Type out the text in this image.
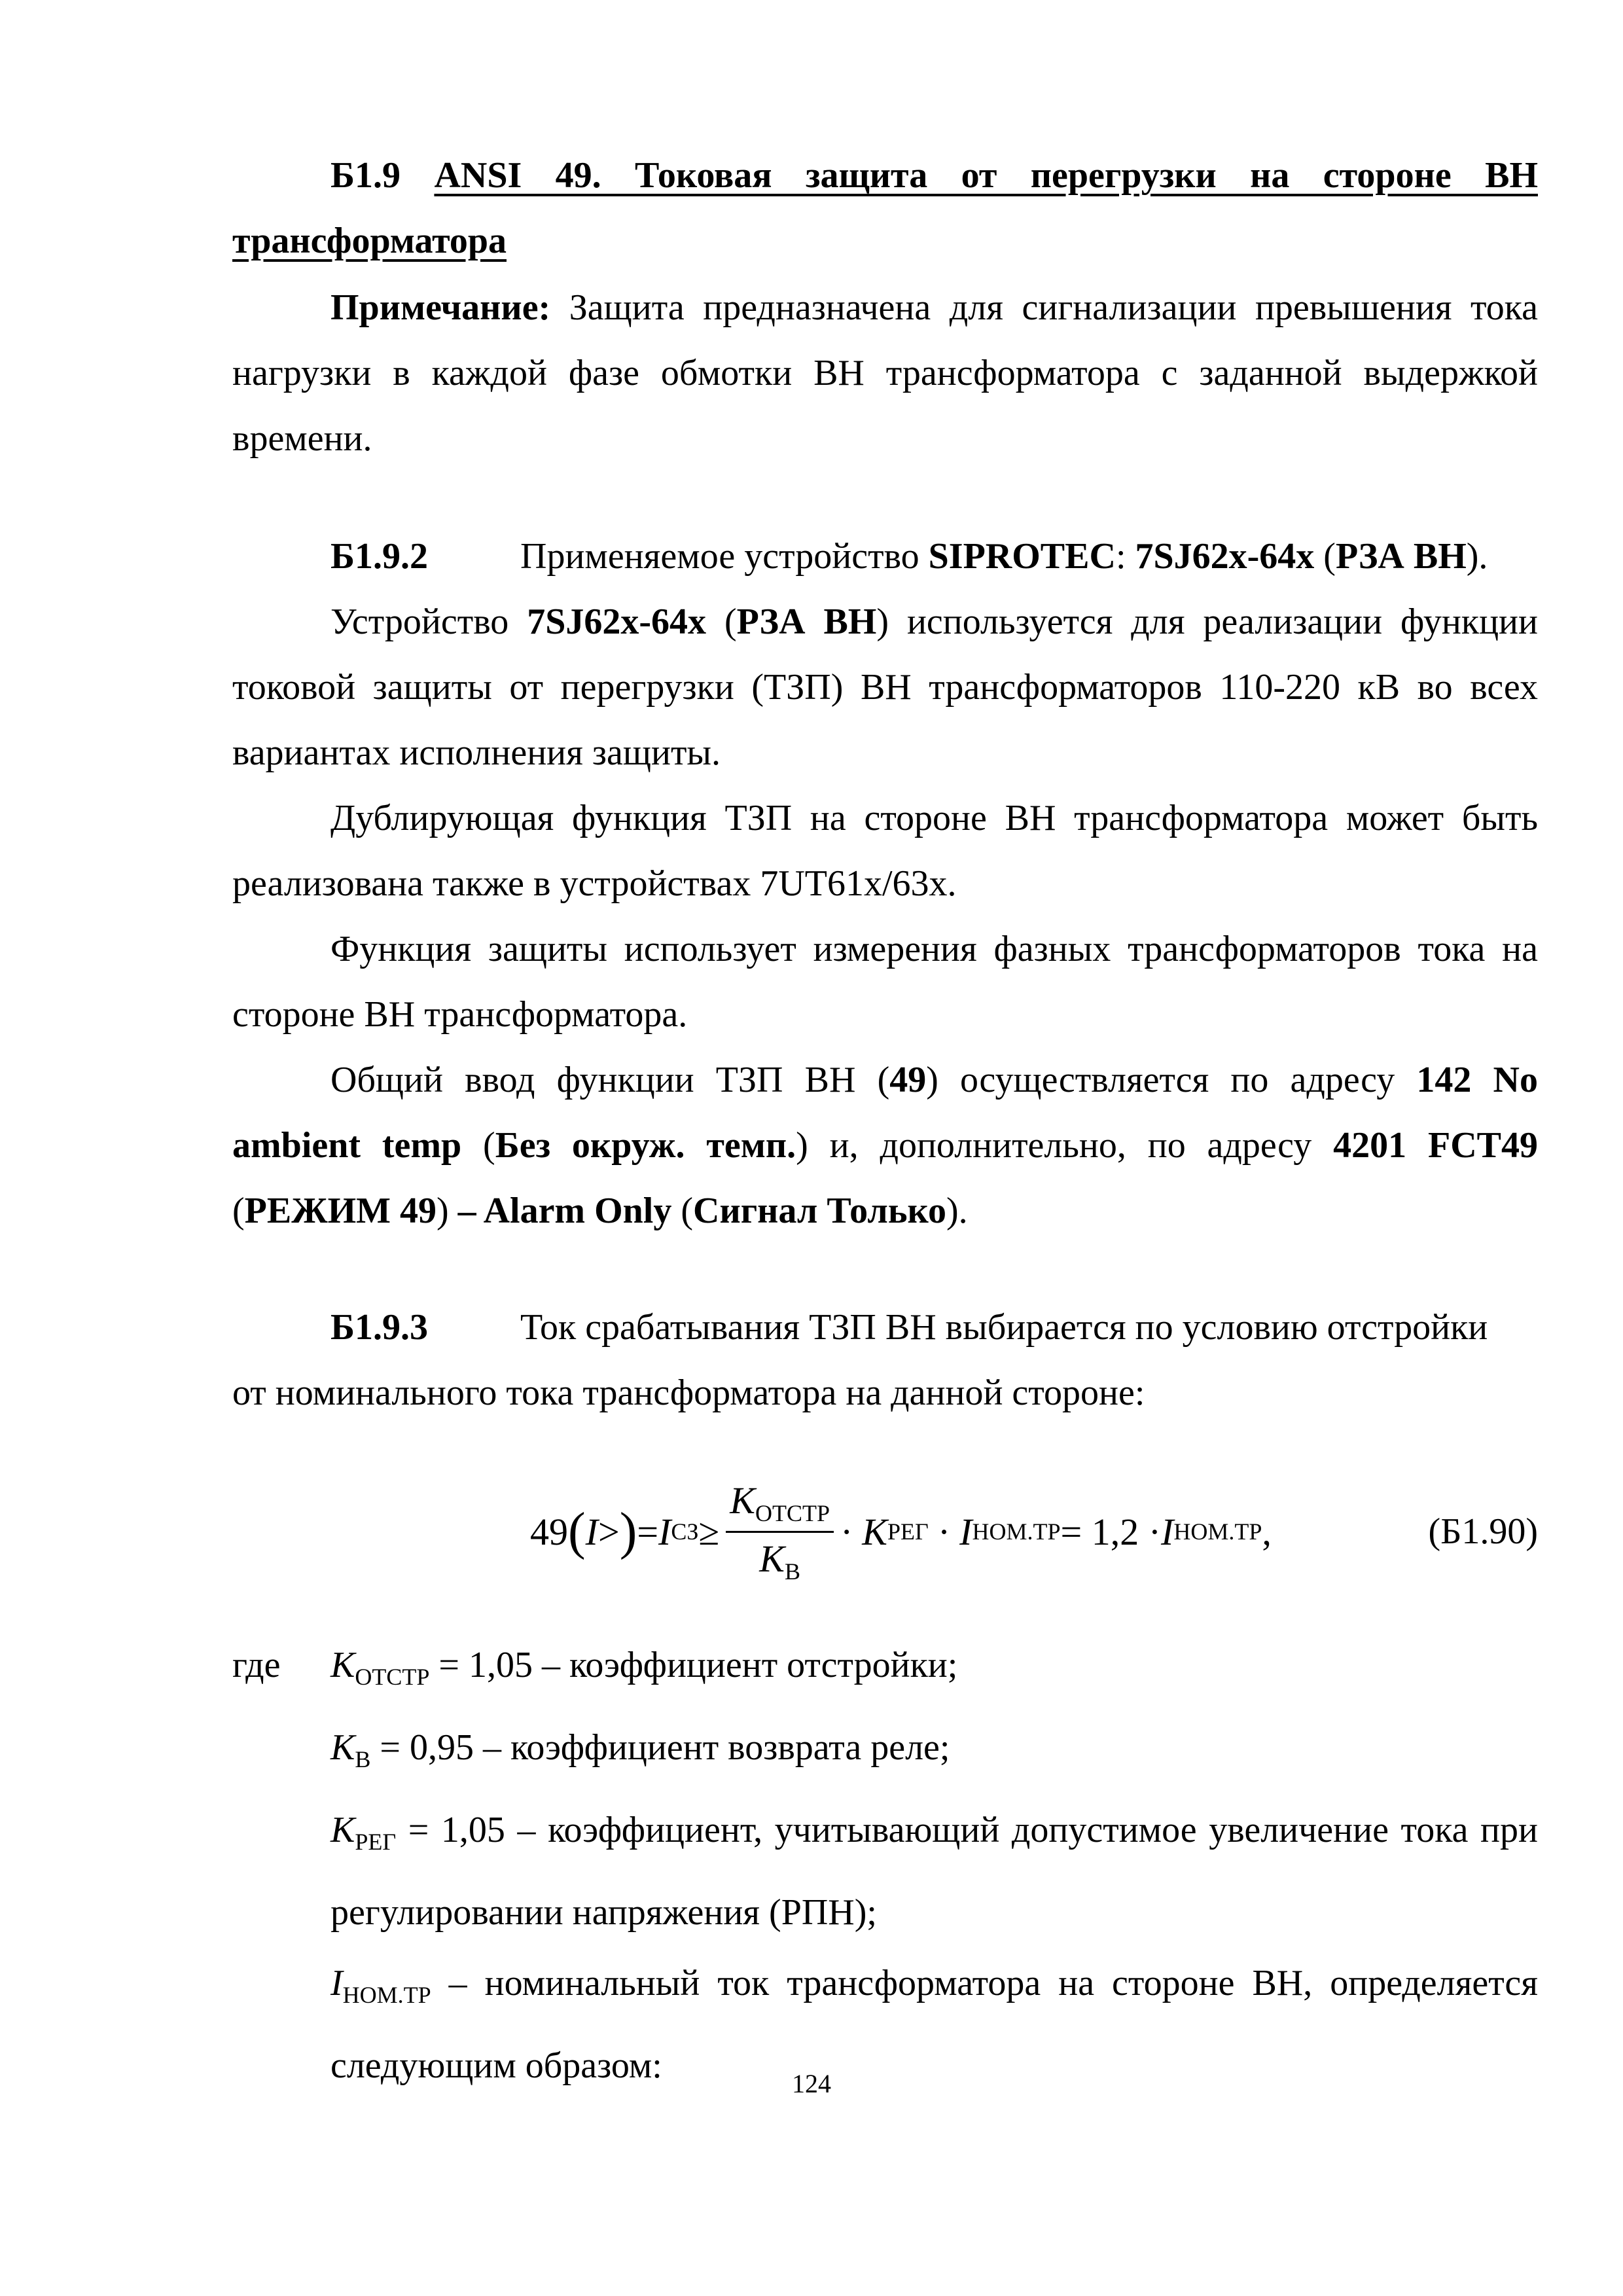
Б1.9 ANSI 49. Токовая защита от перегрузки на стороне ВН

трансформатора

Примечание: Защита предназначена для сигнализации превышения тока нагрузки в каждой фазе обмотки ВН трансформатора с заданной выдержкой времени.

Б1.9.2	Применяемое устройство SIPROTEC: 7SJ62x-64x (РЗА ВН).

Устройство 7SJ62x-64x (РЗА ВН) используется для реализации функции токовой защиты от перегрузки (ТЗП) ВН трансформаторов 110-220 кВ во всех вариантах исполнения защиты.

Дублирующая функция ТЗП на стороне ВН трансформатора может быть реализована также в устройствах 7UT61x/63x.

Функция защиты использует измерения фазных трансформаторов тока на стороне ВН трансформатора.

Общий ввод функции ТЗП ВН (49) осуществляется по адресу 142 No ambient temp (Без окруж. темп.) и, дополнительно, по адресу 4201 FCT49 (РЕЖИМ 49) – Alarm Only (Сигнал Только).

Б1.9.3	Ток срабатывания ТЗП ВН выбирается по условию отстройки

от номинального тока трансформатора на данной стороне:

49 ( I > ) = I СЗ ≥ $\frac{K_{ОТСТР}}{K_В} \cdot K$ РЕГ · I НОМ.ТР = 1,2 · I НОМ.ТР ,	(Б1.90)
где	$K_{ОТСТР} = 1,05$ – коэффициент отстройки;
$K_В = 0,95$ – коэффициент возврата реле;
$K_{РЕГ} = 1,05$ – коэффициент, учитывающий допустимое увеличение тока при регулировании напряжения (РПН);
$I_{НОМ.ТР}$ – номинальный ток трансформатора на стороне ВН, определяется следующим образом:	124
